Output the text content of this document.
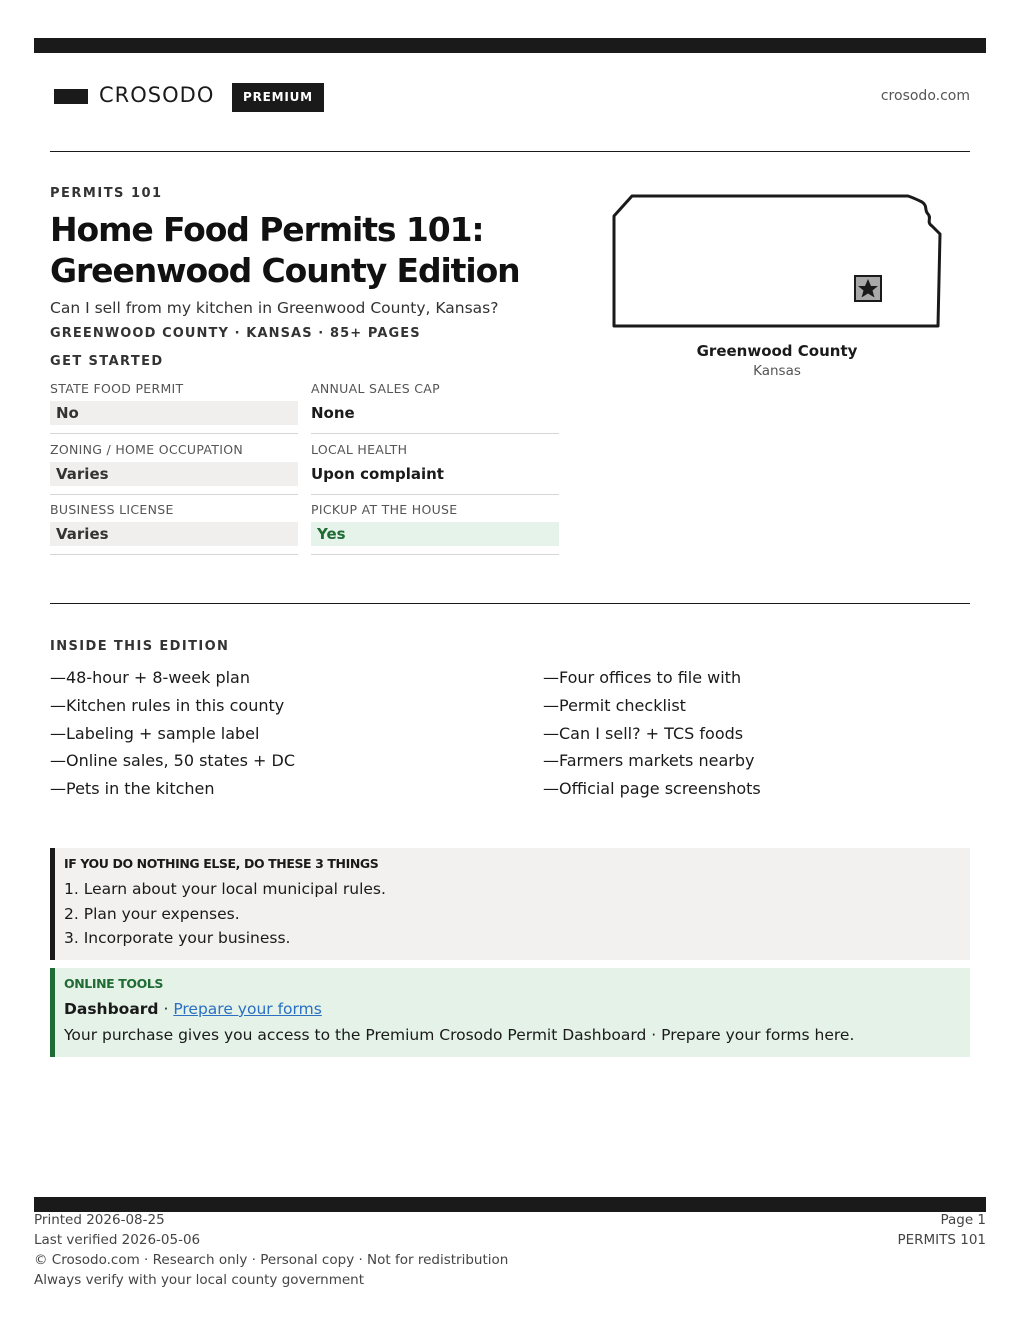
CROSODO	PREMIUM	crosodo.com
PERMITS 101
Home Food Permits 101:
Greenwood County Edition
Can I sell from my kitchen in Greenwood County, Kansas?
GREENWOOD COUNTY · KANSAS · 85+ PAGES
GET STARTED
STATE FOOD PERMIT
No
ANNUAL SALES CAP
None
ZONING / HOME OCCUPATION
Varies
LOCAL HEALTH
Upon complaint
BUSINESS LICENSE
Varies
PICKUP AT THE HOUSE
Yes
Greenwood County
Kansas
INSIDE THIS EDITION
—48-hour + 8-week plan
—Kitchen rules in this county
—Labeling + sample label
—Online sales, 50 states + DC
—Pets in the kitchen
—Four offices to file with
—Permit checklist
—Can I sell? + TCS foods
—Farmers markets nearby
—Official page screenshots
IF YOU DO NOTHING ELSE, DO THESE 3 THINGS
1. Learn about your local municipal rules.
2. Plan your expenses.
3. Incorporate your business.
ONLINE TOOLS
Dashboard · Prepare your forms
Your purchase gives you access to the Premium Crosodo Permit Dashboard · Prepare your forms here.
Printed 2026-08-25
Last verified 2026-05-06
© Crosodo.com · Research only · Personal copy · Not for redistribution
Always verify with your local county government
Page 1
PERMITS 101
